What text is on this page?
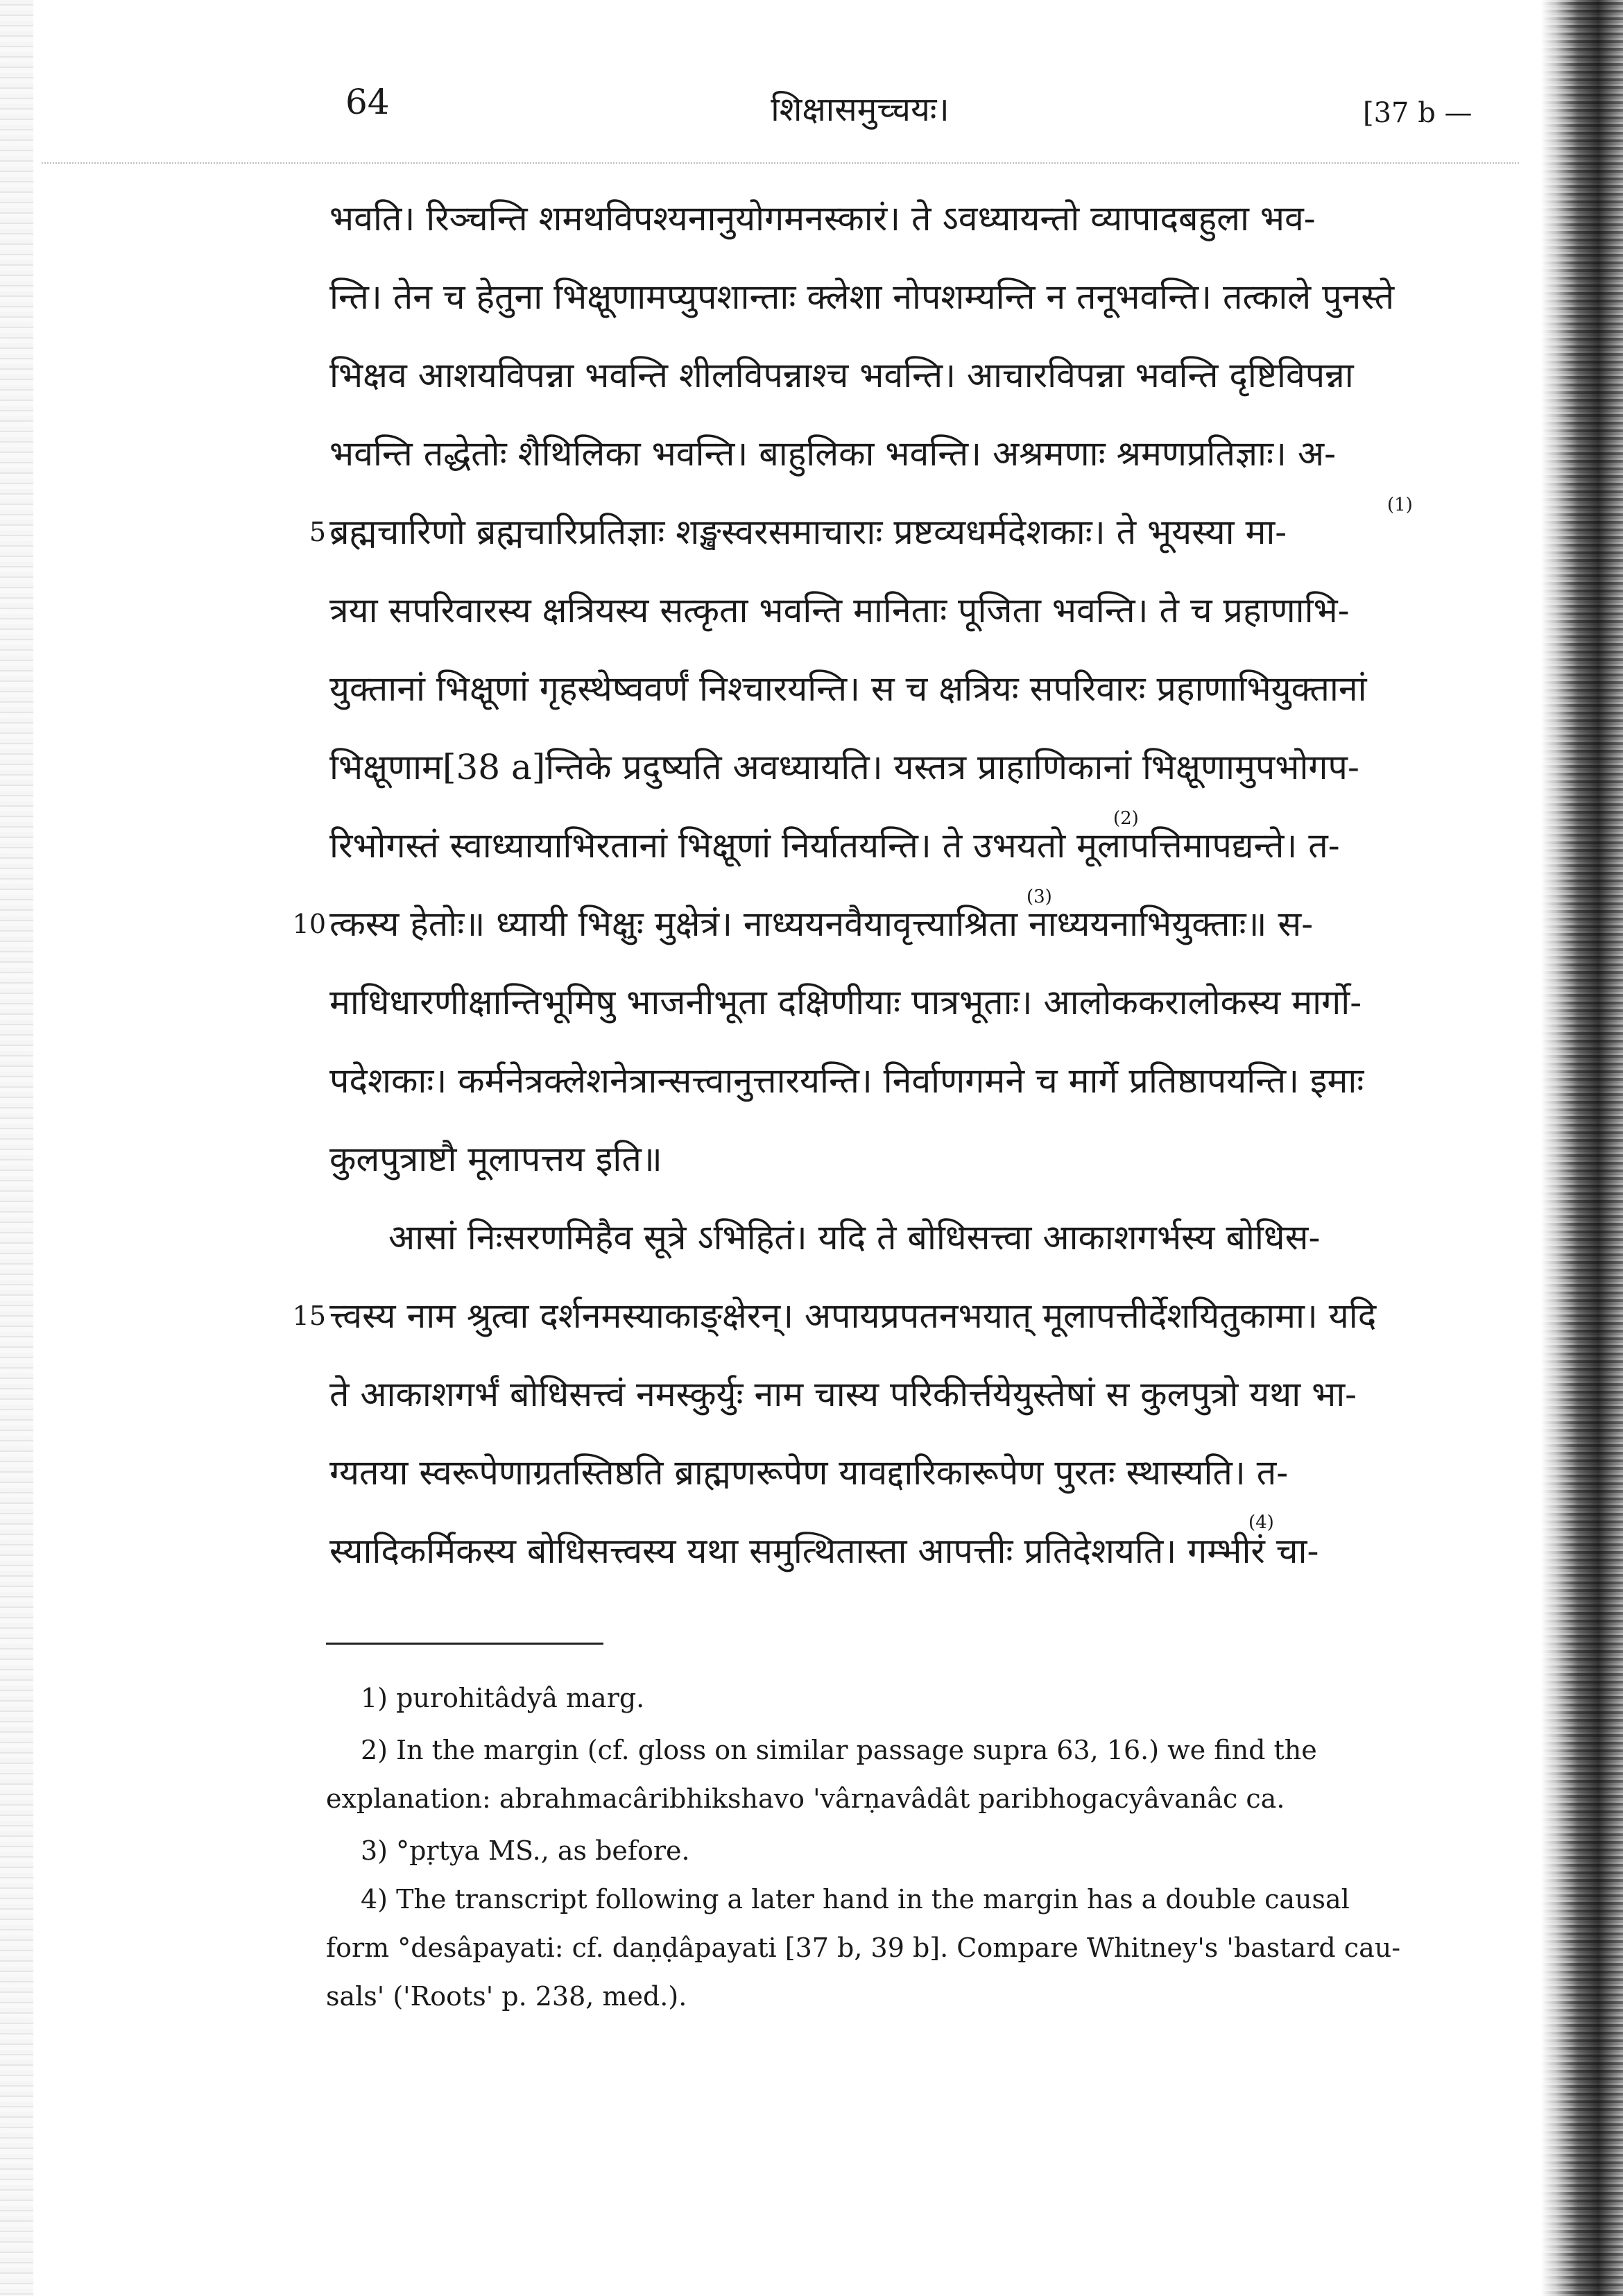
64	शिक्षासमुच्चयः।	[37 b —
भवति। रिञ्चन्ति शमथविपश्यनानुयोगमनस्कारं। ते ऽवध्यायन्तो व्यापादबहुला भव-
न्ति। तेन च हेतुना भिक्षूणामप्युपशान्ताः क्लेशा नोपशम्यन्ति न तनूभवन्ति। तत्काले पुनस्ते
भिक्षव आशयविपन्ना भवन्ति शीलविपन्नाश्च भवन्ति। आचारविपन्ना भवन्ति दृष्टिविपन्ना
भवन्ति तद्धेतोः शैथिलिका भवन्ति। बाहुलिका भवन्ति। अश्रमणाः श्रमणप्रतिज्ञाः। अ-
5 ब्रह्मचारिणो ब्रह्मचारिप्रतिज्ञाः शङ्खस्वरसमाचाराः प्रष्टव्यधर्मदेशकाः। ते भूयस्या मा-
त्रया सपरिवारस्य क्षत्रियस्य सत्कृता भवन्ति मानिताः पूजिता भवन्ति। ते च प्रहाणाभि-
युक्तानां भिक्षूणां गृहस्थेष्ववर्णं निश्चारयन्ति। स च क्षत्रियः सपरिवारः प्रहाणाभियुक्तानां
भिक्षूणाम[38 a]न्तिके प्रदुष्यति अवध्यायति। यस्तत्र प्राहाणिकानां भिक्षूणामुपभोगप-
रिभोगस्तं स्वाध्यायाभिरतानां भिक्षूणां निर्यातयन्ति। ते उभयतो मूलापत्तिमापद्यन्ते। त-
10 त्कस्य हेतोः॥ ध्यायी भिक्षुः मुक्षेत्रं। नाध्ययनवैयावृत्त्याश्रिता नाध्ययनाभियुक्ताः॥ स-
माधिधारणीक्षान्तिभूमिषु भाजनीभूता दक्षिणीयाः पात्रभूताः। आलोककरालोकस्य मार्गो-
पदेशकाः। कर्मनेत्रक्लेशनेत्रान्सत्त्वानुत्तारयन्ति। निर्वाणगमने च मार्गे प्रतिष्ठापयन्ति। इमाः
कुलपुत्राष्टौ मूलापत्तय इति॥
आसां निःसरणमिहैव सूत्रे ऽभिहितं। यदि ते बोधिसत्त्वा आकाशगर्भस्य बोधिस-
15 त्त्वस्य नाम श्रुत्वा दर्शनमस्याकाङ्क्षेरन्। अपायप्रपतनभयात् मूलापत्तीर्देशयितुकामा। यदि
ते आकाशगर्भं बोधिसत्त्वं नमस्कुर्युः नाम चास्य परिकीर्त्तयेयुस्तेषां स कुलपुत्रो यथा भा-
ग्यतया स्वरूपेणाग्रतस्तिष्ठति ब्राह्मणरूपेण यावद्दारिकारूपेण पुरतः स्थास्यति। त-
स्यादिकर्मिकस्य बोधिसत्त्वस्य यथा समुत्थितास्ता आपत्तीः प्रतिदेशयति। गम्भीरं चा-
(1)
(2)
(3)
(4)
1) purohitâdyâ marg.
2) In the margin (cf. gloss on similar passage supra 63, 16.) we find the
explanation: abrahmacâribhikshavo 'vârṇavâdât paribhogacyâvanâc ca.
3) °pṛtya MS., as before.
4) The transcript following a later hand in the margin has a double causal
form °desâpayati: cf. daṇḍâpayati [37 b, 39 b]. Compare Whitney's 'bastard cau-
sals' ('Roots' p. 238, med.).
